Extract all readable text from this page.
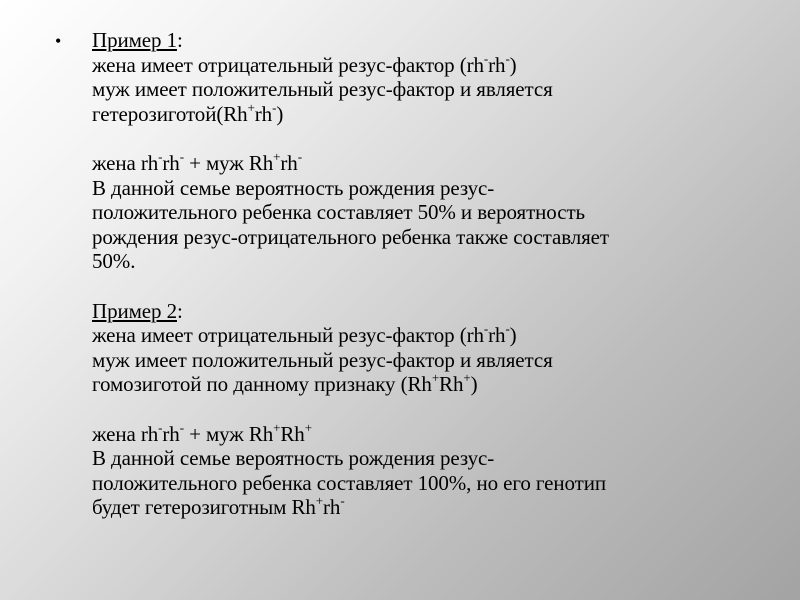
• Пример 1:
жена имеет отрицательный резус-фактор (rh-rh-)
муж имеет положительный резус-фактор и является
гетерозиготой(Rh+rh-)
жена rh-rh- + муж Rh+rh-
В данной семье вероятность рождения резус-
положительного ребенка составляет 50% и вероятность
рождения резус-отрицательного ребенка также составляет
50%.
Пример 2:
жена имеет отрицательный резус-фактор (rh-rh-)
муж имеет положительный резус-фактор и является
гомозиготой по данному признаку (Rh+Rh+)
жена rh-rh- + муж Rh+Rh+
В данной семье вероятность рождения резус-
положительного ребенка составляет 100%, но его генотип
будет гетерозиготным Rh+rh-
